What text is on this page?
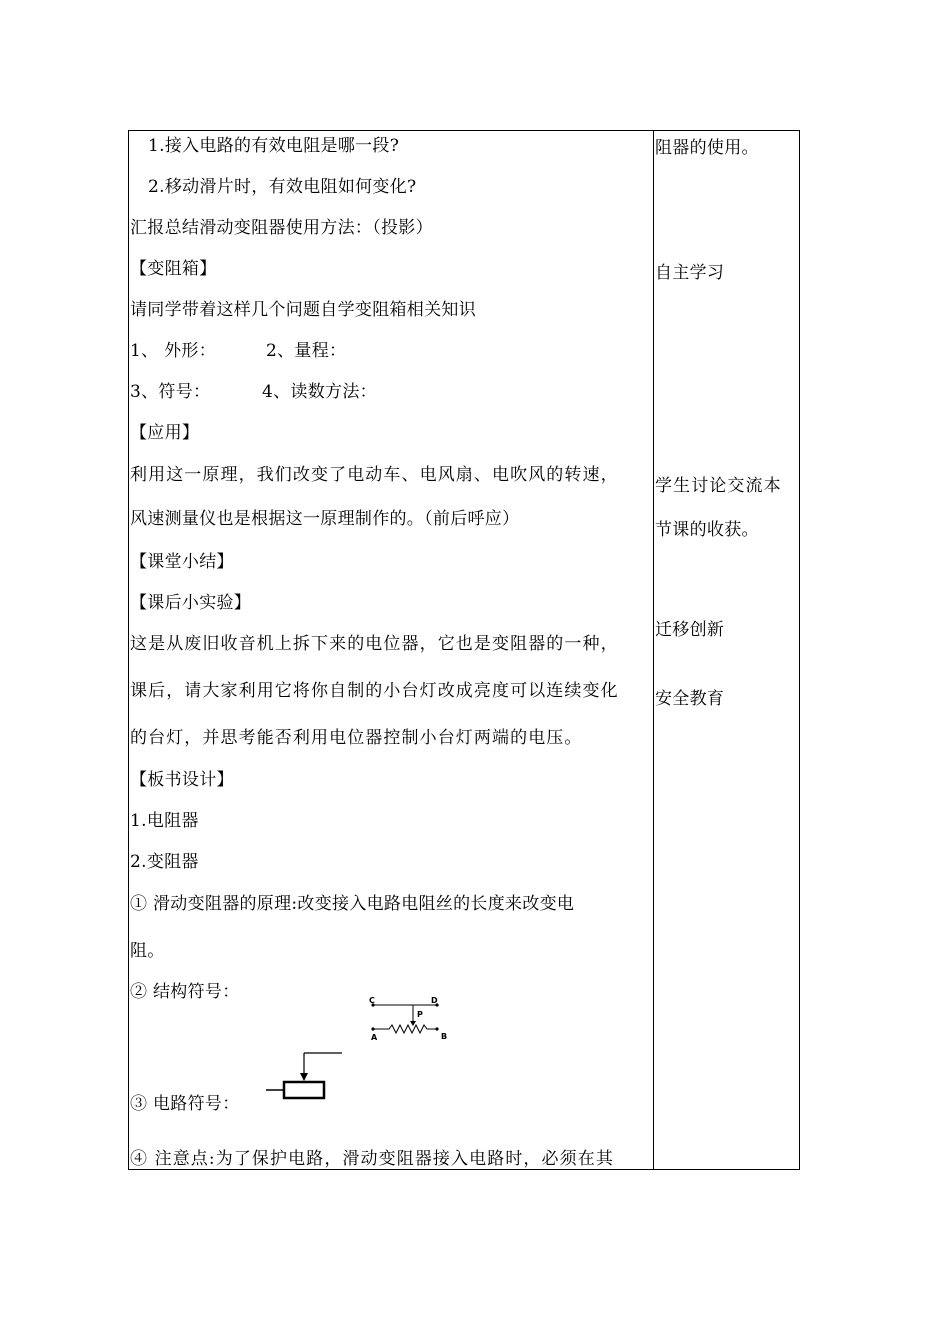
1.接入电路的有效电阻是哪一段?
2.移动滑片时，有效电阻如何变化?
汇报总结滑动变阻器使用方法：（投影）
【变阻箱】
请同学带着这样几个问题自学变阻箱相关知识
1、 外形：	2、量程：
3、符号：	4、读数方法：
【应用】
利用这一原理，我们改变了电动车、电风扇、电吹风的转速，
风速测量仪也是根据这一原理制作的。（前后呼应）
【课堂小结】
【课后小实验】
这是从废旧收音机上拆下来的电位器，它也是变阻器的一种，
课后，请大家利用它将你自制的小台灯改成亮度可以连续变化
的台灯，并思考能否利用电位器控制小台灯两端的电压。
【板书设计】
1.电阻器
2.变阻器
① 滑动变阻器的原理:改变接入电路电阻丝的长度来改变电
阻。
② 结构符号：	C	D
P
A	B
③ 电路符号：
④ 注意点:为了保护电路，滑动变阻器接入电路时，必须在其
阻器的使用。
自主学习
学生讨论交流本
节课的收获。
迁移创新
安全教育
